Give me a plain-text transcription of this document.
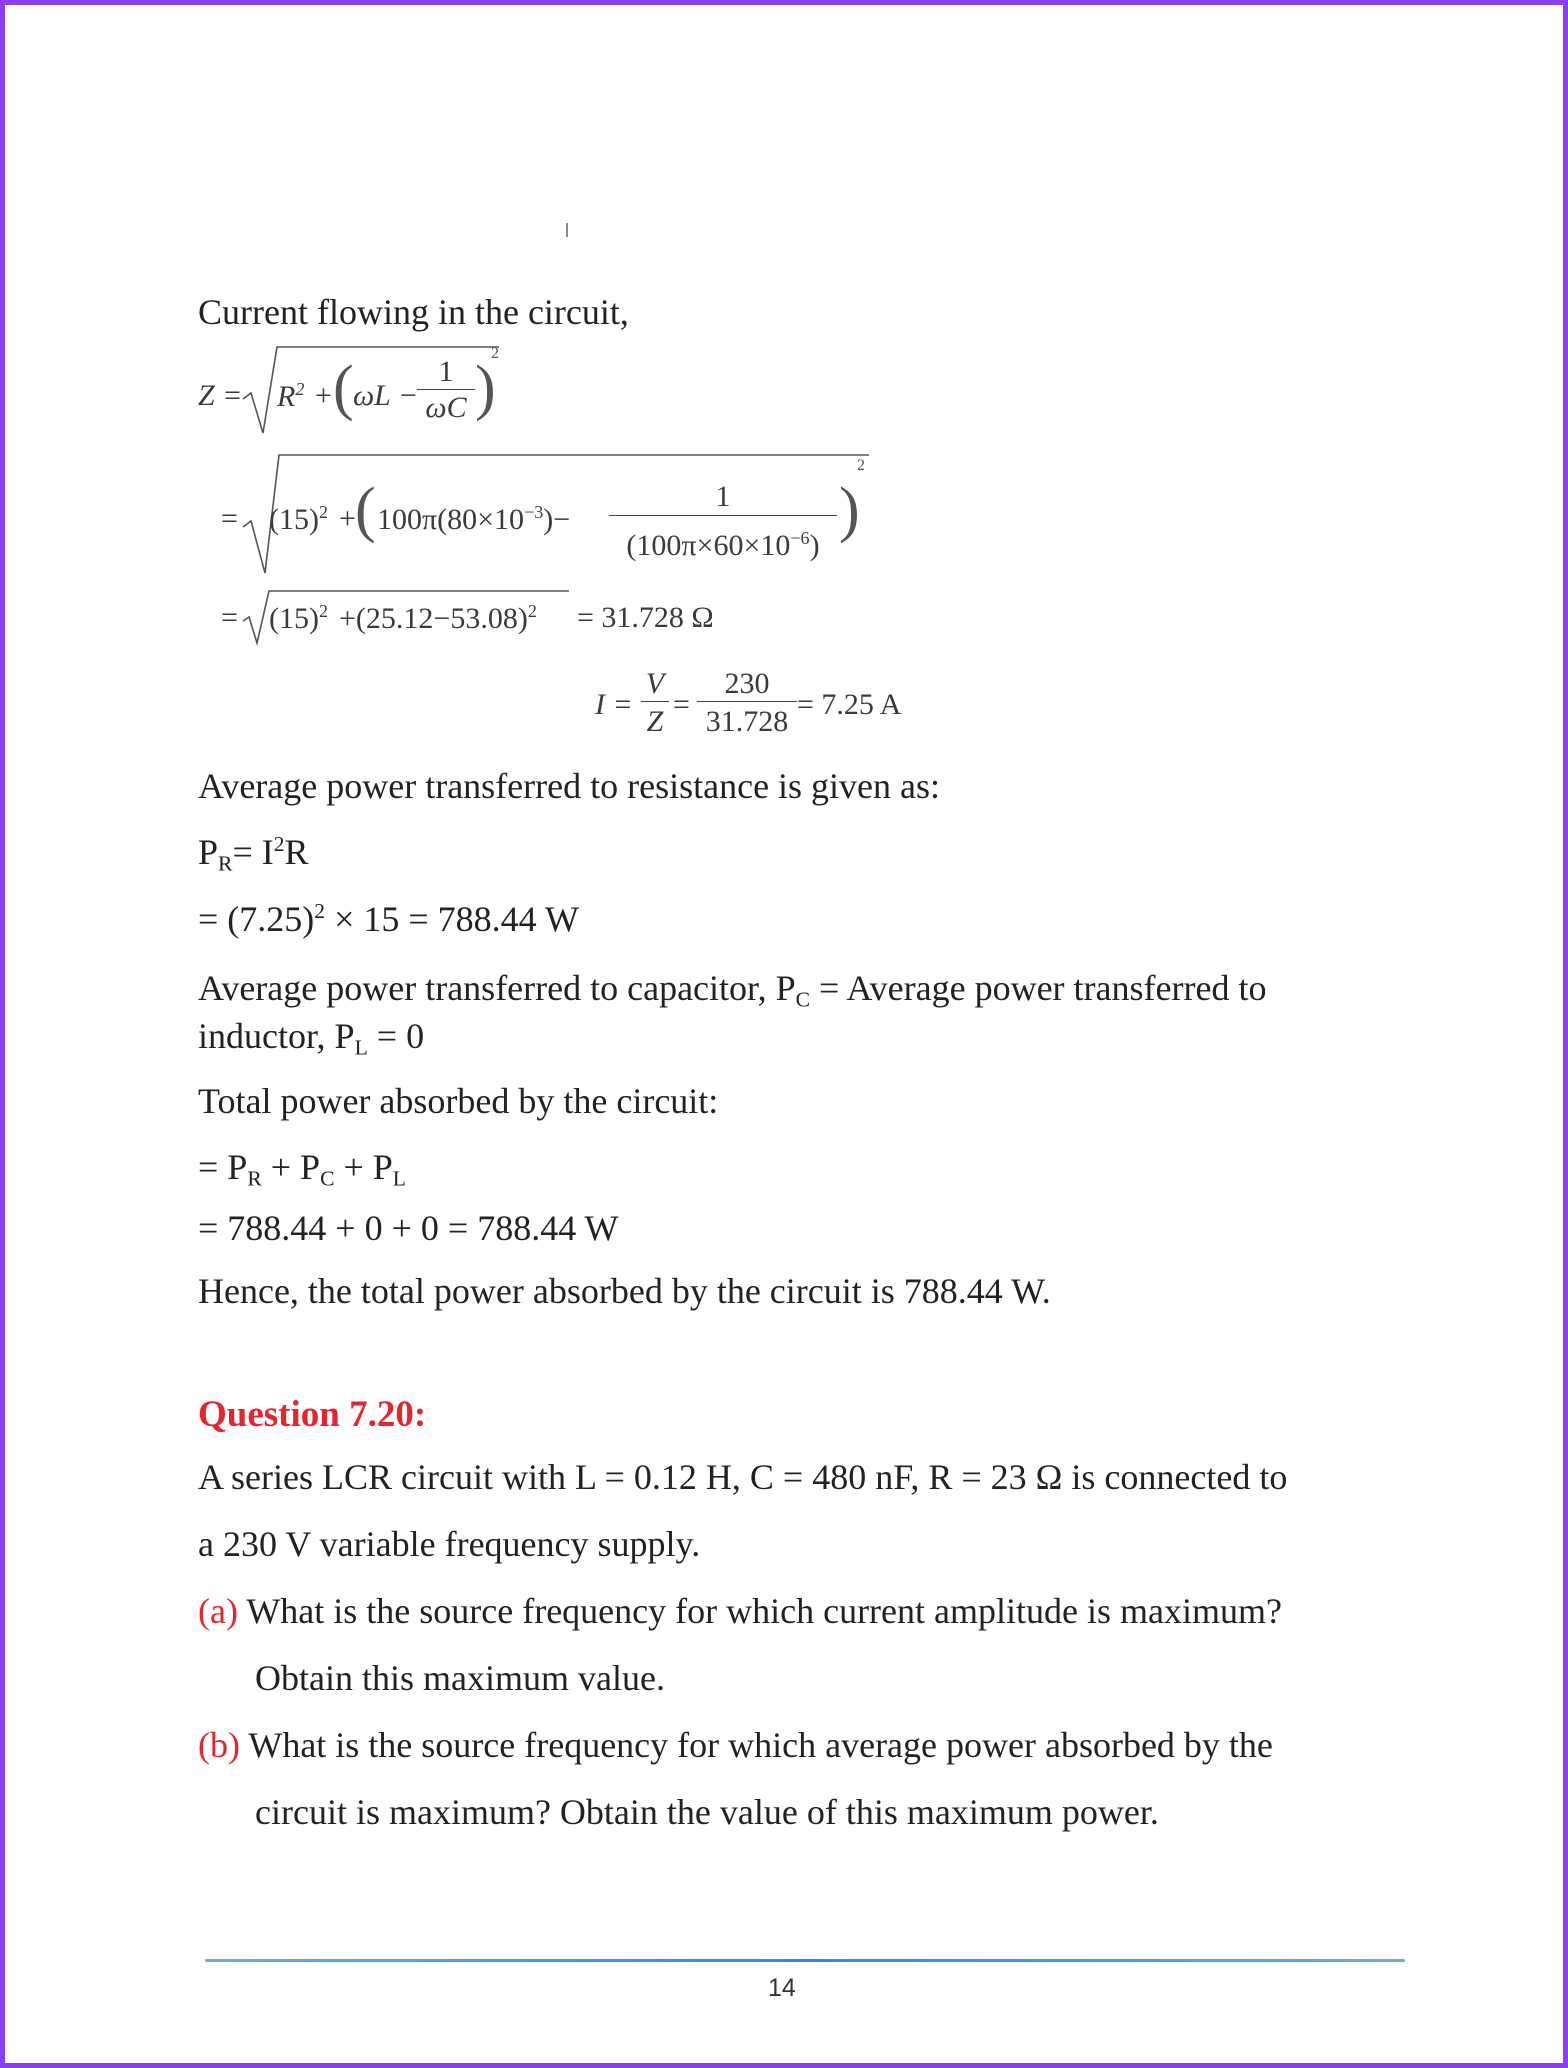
Current flowing in the circuit,
$Z = R^2$ + ( ωL −
1
ωC )
2
= $(15)^2$ + ( $100\pi(80\times 10^{-3})-$
1
$(100\pi\times 60\times 10^{-6})$
)
2
= $(15)^2 +(25.12-53.08)^2 = 31.728$ Ω
I =
V
Z
=
230
31.728
= 7.25 A
Average power transferred to resistance is given as:
$P_R= I^2R$
= $(7.25)^2 \times 15 = 788.44$ W
Average power transferred to capacitor, $P_C$ = Average power transferred to
inductor, $P_L = 0$
Total power absorbed by the circuit:
= $P_R + P_C + P_L$
= 788.44 + 0 + 0 = 788.44 W
Hence, the total power absorbed by the circuit is 788.44 W.
Question 7.20:
A series LCR circuit with L = 0.12 H, C = 480 nF, R = 23 Ω is connected to
a 230 V variable frequency supply.
(a) What is the source frequency for which current amplitude is maximum?
Obtain this maximum value.
(b) What is the source frequency for which average power absorbed by the
circuit is maximum? Obtain the value of this maximum power.
14
